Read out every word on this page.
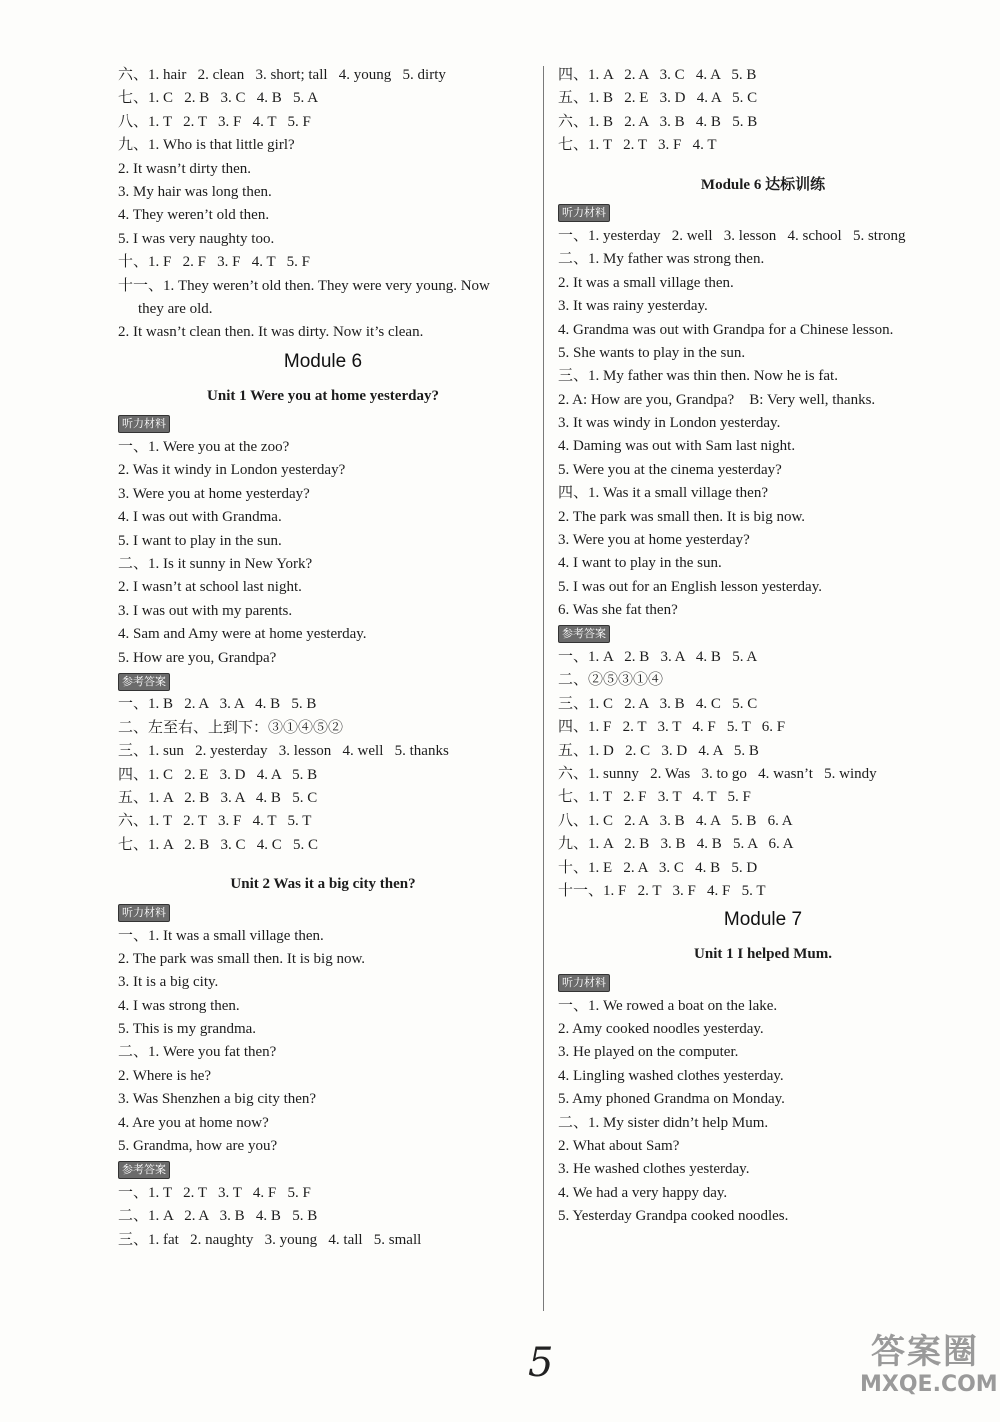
六、1. hair   2. clean   3. short; tall   4. young   5. dirty
七、1. C   2. B   3. C   4. B   5. A
八、1. T   2. T   3. F   4. T   5. F
九、1. Who is that little girl?
2. It wasn’t dirty then.
3. My hair was long then.
4. They weren’t old then.
5. I was very naughty too.
十、1. F   2. F   3. F   4. T   5. F
十一、1. They weren’t old then. They were very young. Now
they are old.
2. It wasn’t clean then. It was dirty. Now it’s clean.
Module 6
Unit 1 Were you at home yesterday?
听力材料
一、1. Were you at the zoo?
2. Was it windy in London yesterday?
3. Were you at home yesterday?
4. I was out with Grandma.
5. I want to play in the sun.
二、1. Is it sunny in New York?
2. I wasn’t at school last night.
3. I was out with my parents.
4. Sam and Amy were at home yesterday.
5. How are you, Grandpa?
参考答案
一、1. B   2. A   3. A   4. B   5. B
二、左至右、上到下：③①④⑤②
三、1. sun   2. yesterday   3. lesson   4. well   5. thanks
四、1. C   2. E   3. D   4. A   5. B
五、1. A   2. B   3. A   4. B   5. C
六、1. T   2. T   3. F   4. T   5. T
七、1. A   2. B   3. C   4. C   5. C
Unit 2 Was it a big city then?
听力材料
一、1. It was a small village then.
2. The park was small then. It is big now.
3. It is a big city.
4. I was strong then.
5. This is my grandma.
二、1. Were you fat then?
2. Where is he?
3. Was Shenzhen a big city then?
4. Are you at home now?
5. Grandma, how are you?
参考答案
一、1. T   2. T   3. T   4. F   5. F
二、1. A   2. A   3. B   4. B   5. B
三、1. fat   2. naughty   3. young   4. tall   5. small
四、1. A   2. A   3. C   4. A   5. B
五、1. B   2. E   3. D   4. A   5. C
六、1. B   2. A   3. B   4. B   5. B
七、1. T   2. T   3. F   4. T
Module 6 达标训练
听力材料
一、1. yesterday   2. well   3. lesson   4. school   5. strong
二、1. My father was strong then.
2. It was a small village then.
3. It was rainy yesterday.
4. Grandma was out with Grandpa for a Chinese lesson.
5. She wants to play in the sun.
三、1. My father was thin then. Now he is fat.
2. A: How are you, Grandpa?    B: Very well, thanks.
3. It was windy in London yesterday.
4. Daming was out with Sam last night.
5. Were you at the cinema yesterday?
四、1. Was it a small village then?
2. The park was small then. It is big now.
3. Were you at home yesterday?
4. I want to play in the sun.
5. I was out for an English lesson yesterday.
6. Was she fat then?
参考答案
一、1. A   2. B   3. A   4. B   5. A
二、②⑤③①④
三、1. C   2. A   3. B   4. C   5. C
四、1. F   2. T   3. T   4. F   5. T   6. F
五、1. D   2. C   3. D   4. A   5. B
六、1. sunny   2. Was   3. to go   4. wasn’t   5. windy
七、1. T   2. F   3. T   4. T   5. F
八、1. C   2. A   3. B   4. A   5. B   6. A
九、1. A   2. B   3. B   4. B   5. A   6. A
十、1. E   2. A   3. C   4. B   5. D
十一、1. F   2. T   3. F   4. F   5. T
Module 7
Unit 1 I helped Mum.
听力材料
一、1. We rowed a boat on the lake.
2. Amy cooked noodles yesterday.
3. He played on the computer.
4. Lingling washed clothes yesterday.
5. Amy phoned Grandma on Monday.
二、1. My sister didn’t help Mum.
2. What about Sam?
3. He washed clothes yesterday.
4. We had a very happy day.
5. Yesterday Grandpa cooked noodles.
5	答案圈
MXQE.COM
